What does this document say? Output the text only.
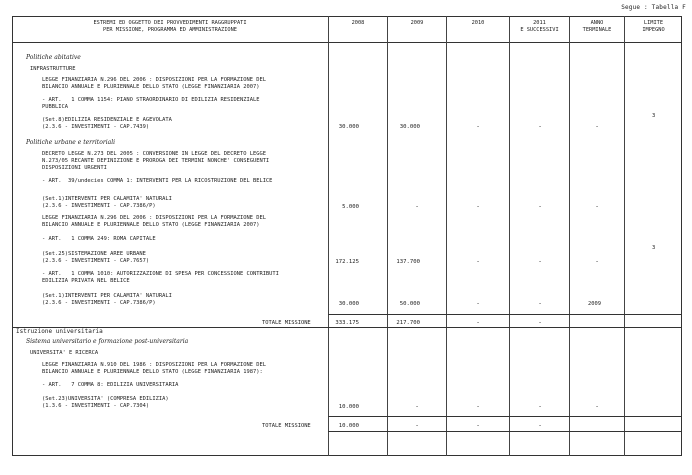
Segue : Tabella F
ESTREMI ED OGGETTO DEI PROVVEDIMENTI RAGGRUPPATI
PER MISSIONE, PROGRAMMA ED AMMINISTRAZIONE
2008	2009	2010	2011
E SUCCESSIVI
ANNO
TERMINALE
LIMITE
IMPEGNO
Politiche abitative
INFRASTRUTTURE
LEGGE FINANZIARIA N.296 DEL 2006 : DISPOSIZIONI PER LA FORMAZIONE DEL
BILANCIO ANNUALE E PLURIENNALE DELLO STATO (LEGGE FINANZIARIA 2007)
- ART.   1 COMMA 1154: PIANO STRAORDINARIO DI EDILIZIA RESIDENZIALE
PUBBLICA
(Set.8)EDILIZIA RESIDENZIALE E AGEVOLATA
(2.3.6 - INVESTIMENTI - CAP.7439)	30.000	30.000	-	-	-
3
Politiche urbane e territoriali
DECRETO LEGGE N.273 DEL 2005 : CONVERSIONE IN LEGGE DEL DECRETO LEGGE
N.273/05 RECANTE DEFINIZIONE E PROROGA DEI TERMINI NONCHE' CONSEGUENTI
DISPOSIZIONI URGENTI
- ART.  39/undecies COMMA 1: INTERVENTI PER LA RICOSTRUZIONE DEL BELICE
(Set.1)INTERVENTI PER CALAMITA' NATURALI
(2.3.6 - INVESTIMENTI - CAP.7386/P)	5.000	-	-	-	-
LEGGE FINANZIARIA N.296 DEL 2006 : DISPOSIZIONI PER LA FORMAZIONE DEL
BILANCIO ANNUALE E PLURIENNALE DELLO STATO (LEGGE FINANZIARIA 2007)
- ART.   1 COMMA 249: ROMA CAPITALE
(Set.25)SISTEMAZIONE AREE URBANE
(2.3.6 - INVESTIMENTI - CAP.7657)	172.125	137.700	-	-	-
3
- ART.   1 COMMA 1010: AUTORIZZAZIONE DI SPESA PER CONCESSIONE CONTRIBUTI
EDILIZIA PRIVATA NEL BELICE
(Set.1)INTERVENTI PER CALAMITA' NATURALI
(2.3.6 - INVESTIMENTI - CAP.7386/P)	30.000	50.000	-	-	2009
TOTALE MISSIONE	333.175	217.700	-	-
Istruzione universitaria
Sistema universitario e formazione post-universitaria
UNIVERSITA' E RICERCA
LEGGE FINANZIARIA N.910 DEL 1986 : DISPOSIZIONI PER LA FORMAZIONE DEL
BILANCIO ANNUALE E PLURIENNALE DELLO STATO (LEGGE FINANZIARIA 1987):
- ART.   7 COMMA 8: EDILIZIA UNIVERSITARIA
(Set.23)UNIVERSITA' (COMPRESA EDILIZIA)
(1.3.6 - INVESTIMENTI - CAP.7304)	10.000	-	-	-	-
TOTALE MISSIONE	10.000	-	-	-
